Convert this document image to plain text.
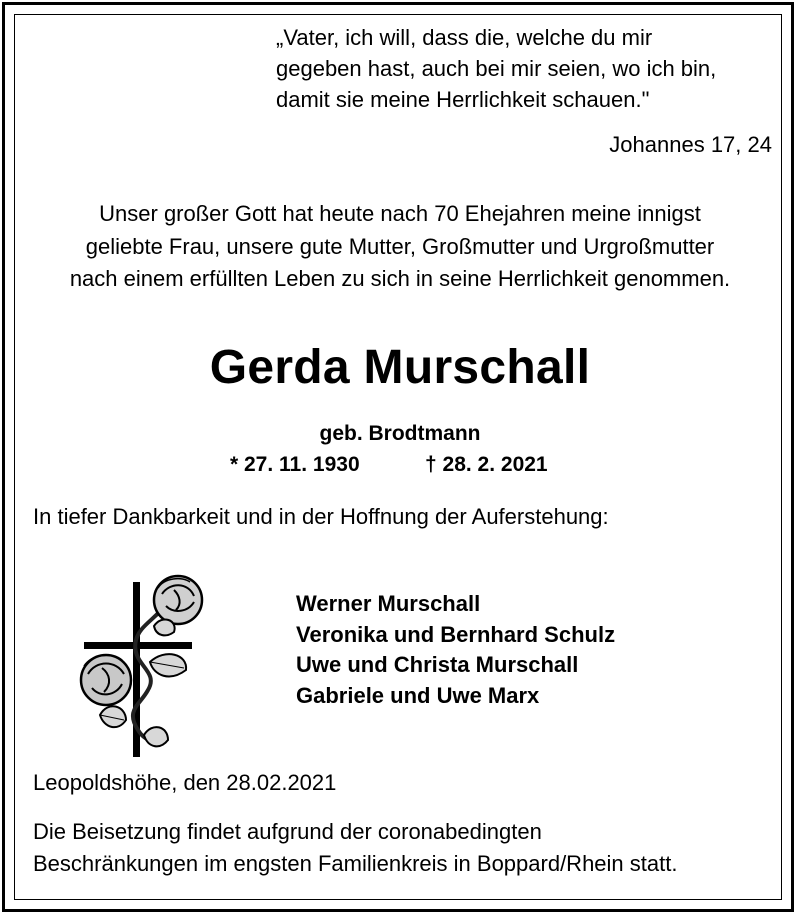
„Vater, ich will, dass die, welche du mir
gegeben hast, auch bei mir seien, wo ich bin,
damit sie meine Herrlichkeit schauen."
Johannes 17, 24
Unser großer Gott hat heute nach 70 Ehejahren meine innigst
geliebte Frau, unsere gute Mutter, Großmutter und Urgroßmutter
nach einem erfüllten Leben zu sich in seine Herrlichkeit genommen.
Gerda Murschall
geb. Brodtmann
* 27. 11. 1930	† 28. 2. 2021
In tiefer Dankbarkeit und in der Hoffnung der Auferstehung:
Werner Murschall
Veronika und Bernhard Schulz
Uwe und Christa Murschall
Gabriele und Uwe Marx
Leopoldshöhe, den 28.02.2021
Die Beisetzung findet aufgrund der coronabedingten
Beschränkungen im engsten Familienkreis in Boppard/Rhein statt.
